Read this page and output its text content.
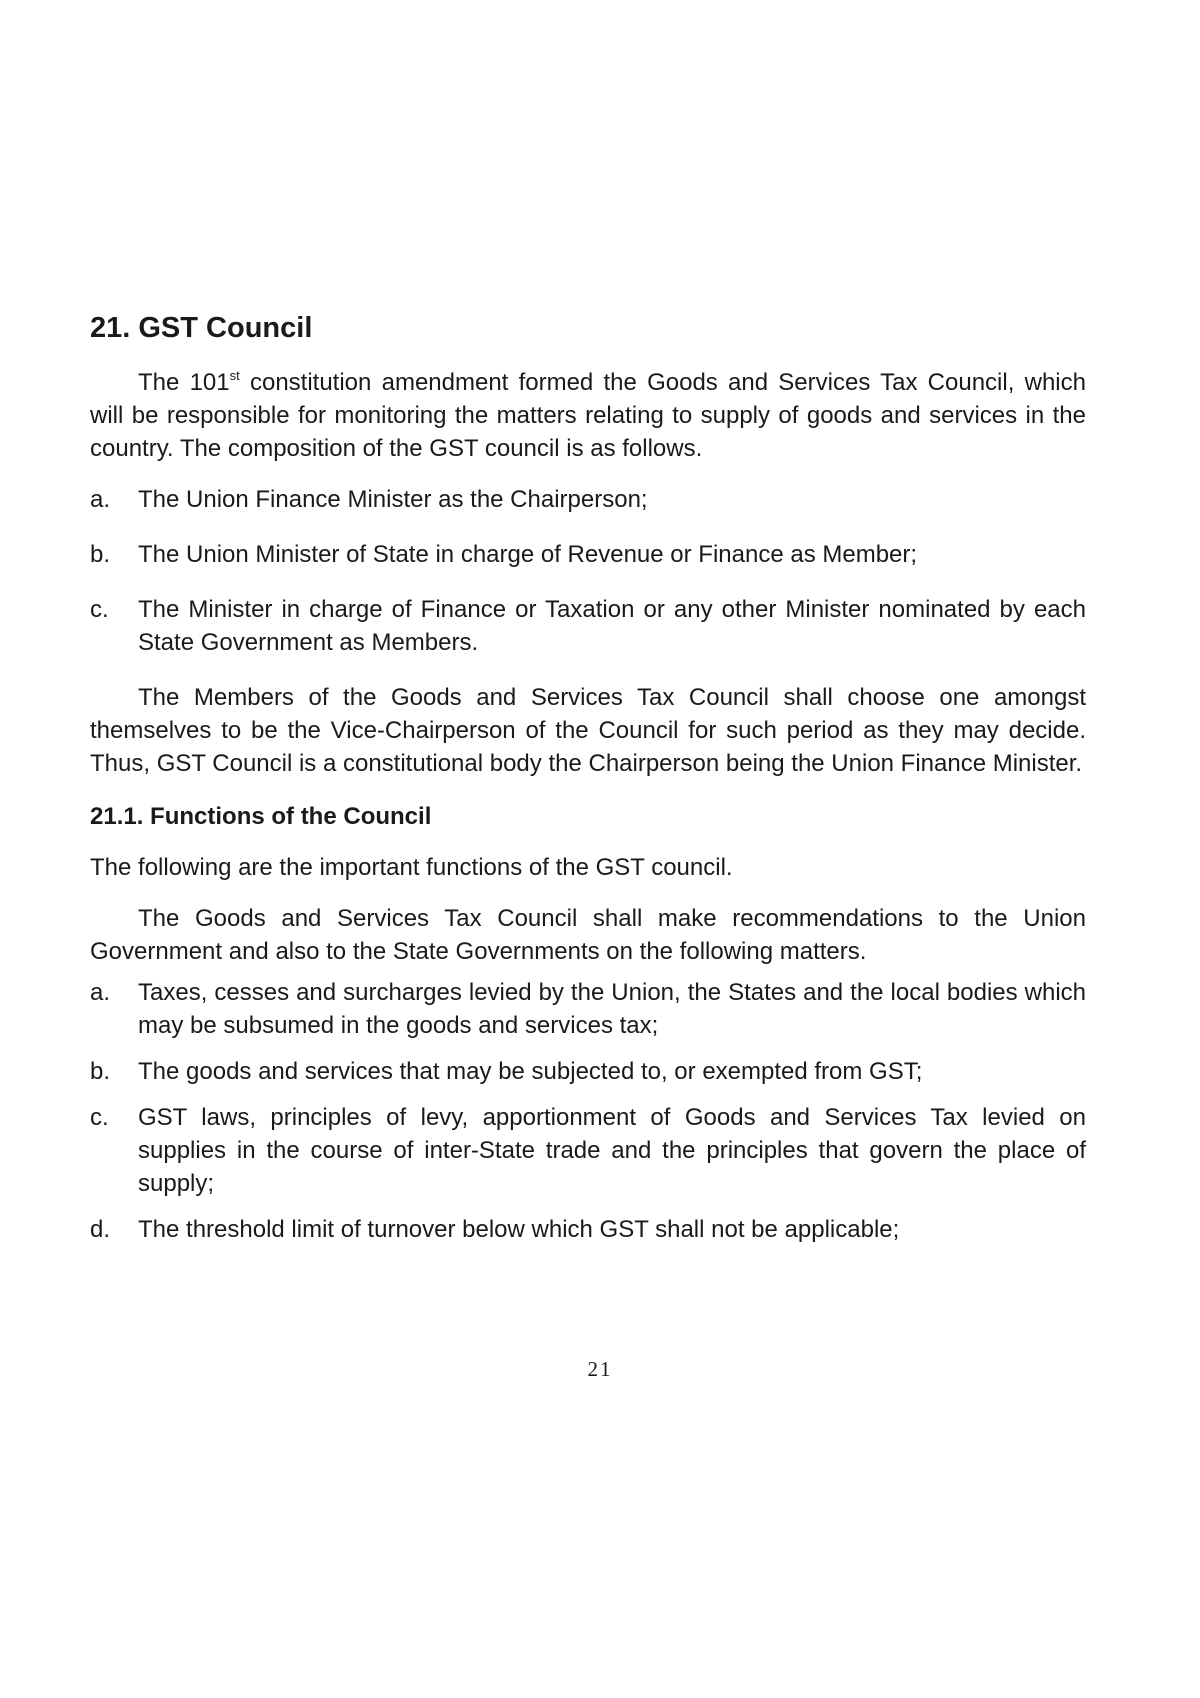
21. GST Council

The 101st constitution amendment formed the Goods and Services Tax Council, which will be responsible for monitoring the matters relating to supply of goods and services in the country. The composition of the GST council is as follows.

a.	The Union Finance Minister as the Chairperson;
b.	The Union Minister of State in charge of Revenue or Finance as Member;
c.	The Minister in charge of Finance or Taxation or any other Minister nominated by each State Government as Members.

The Members of the Goods and Services Tax Council shall choose one amongst themselves to be the Vice-Chairperson of the Council for such period as they may decide. Thus, GST Council is a constitutional body the Chairperson being the Union Finance Minister.

21.1. Functions of the Council

The following are the important functions of the GST council.

The Goods and Services Tax Council shall make recommendations to the Union Government and also to the State Governments on the following matters.

a.	Taxes, cesses and surcharges levied by the Union, the States and the local bodies which may be subsumed in the goods and services tax;
b.	The goods and services that may be subjected to, or exempted from GST;
c.	GST laws, principles of levy, apportionment of Goods and Services Tax levied on supplies in the course of inter-State trade and the principles that govern the place of supply;
d.	The threshold limit of turnover below which GST shall not be applicable;
21
